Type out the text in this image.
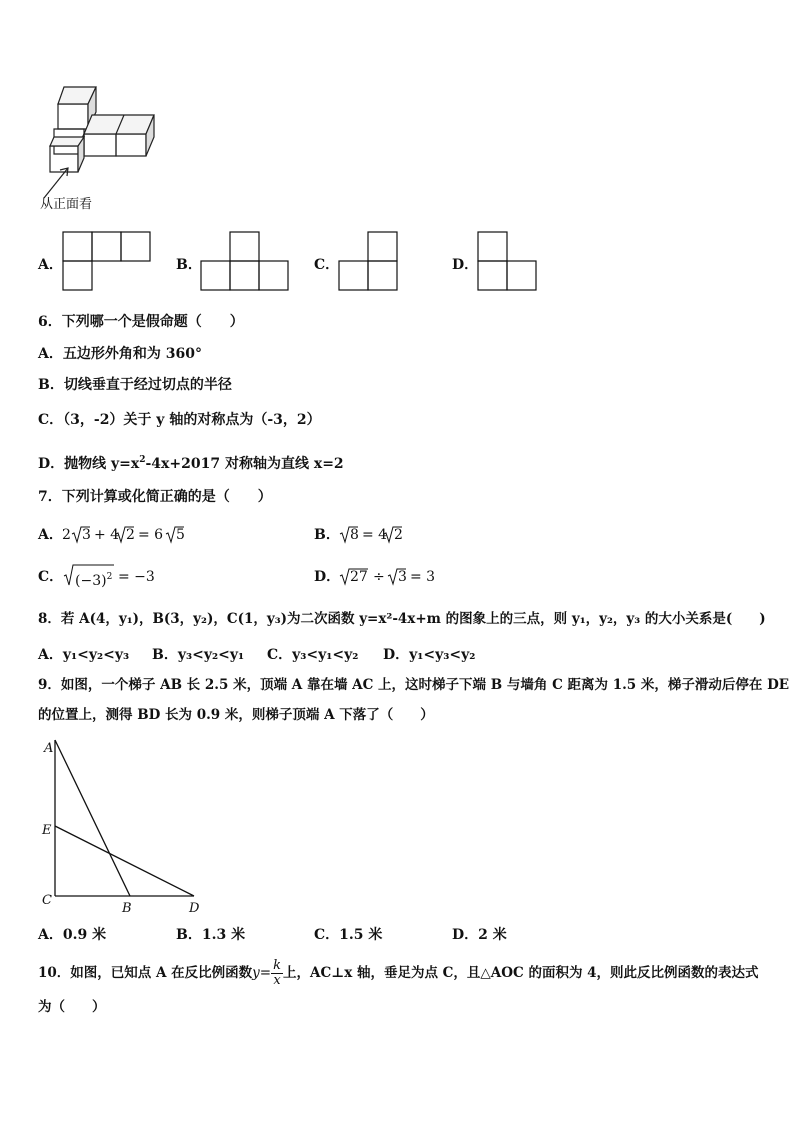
从正面看
A．	B．	C．	D．
6．下列哪一个是假命题（　　）
A．五边形外角和为 360°
B．切线垂直于经过切点的半径
C．（3，-2）关于 y 轴的对称点为（-3，2）
D．抛物线 $y=x^2-4x+2017$ 对称轴为直线 x=2
7．下列计算或化简正确的是（　　）
A． 2 3 + 4 2 = 6 5	B． 8 = 4 2
C． $(-3)^2 = -3$	D． 27 ÷ 3 = 3
8．若 A(4，y₁)，B(3，y₂)，C(1，y₃)为二次函数 y=x²-4x+m 的图象上的三点，则 y₁，y₂，y₃ 的大小关系是(　　)
A．y₁<y₂<y₃ B．y₃<y₂<y₁ C．y₃<y₁<y₂ D．y₁<y₃<y₂
9．如图，一个梯子 AB 长 2.5 米，顶端 A 靠在墙 AC 上，这时梯子下端 B 与墙角 C 距离为 1.5 米，梯子滑动后停在 DE
的位置上，测得 BD 长为 0.9 米，则梯子顶端 A 下落了（　　）
A
E
C
B	D
A．0.9 米	B．1.3 米	C．1.5 米	D．2 米
10．如图，已知点 A 在反比例函数$y= \frac{k}{x}$ 上，AC⊥x 轴，垂足为点 C，且△AOC 的面积为 4，则此反比例函数的表达式
为（　　）
